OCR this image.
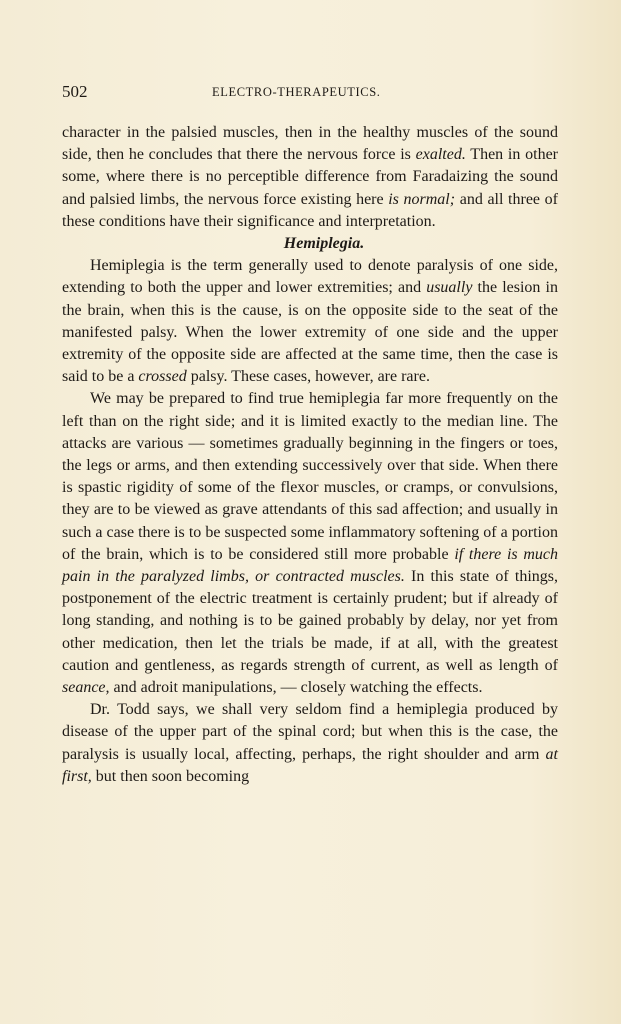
502	ELECTRO-THERAPEUTICS.

character in the palsied muscles, then in the healthy muscles of the sound side, then he concludes that there the nervous force is exalted. Then in other some, where there is no perceptible difference from Faradaizing the sound and palsied limbs, the nervous force existing here is normal; and all three of these conditions have their significance and interpretation.

Hemiplegia.

Hemiplegia is the term generally used to denote paralysis of one side, extending to both the upper and lower extremities; and usually the lesion in the brain, when this is the cause, is on the opposite side to the seat of the manifested palsy. When the lower extremity of one side and the upper extremity of the opposite side are affected at the same time, then the case is said to be a crossed palsy. These cases, however, are rare.

We may be prepared to find true hemiplegia far more frequently on the left than on the right side; and it is limited exactly to the median line. The attacks are various — sometimes gradually beginning in the fingers or toes, the legs or arms, and then extending successively over that side. When there is spastic rigidity of some of the flexor muscles, or cramps, or convulsions, they are to be viewed as grave attendants of this sad affection; and usually in such a case there is to be suspected some inflammatory softening of a portion of the brain, which is to be considered still more probable if there is much pain in the paralyzed limbs, or contracted muscles. In this state of things, postponement of the electric treatment is certainly prudent; but if already of long standing, and nothing is to be gained probably by delay, nor yet from other medication, then let the trials be made, if at all, with the greatest caution and gentleness, as regards strength of current, as well as length of seance, and adroit manipulations, — closely watching the effects.

Dr. Todd says, we shall very seldom find a hemiplegia produced by disease of the upper part of the spinal cord; but when this is the case, the paralysis is usually local, affecting, perhaps, the right shoulder and arm at first, but then soon becoming
